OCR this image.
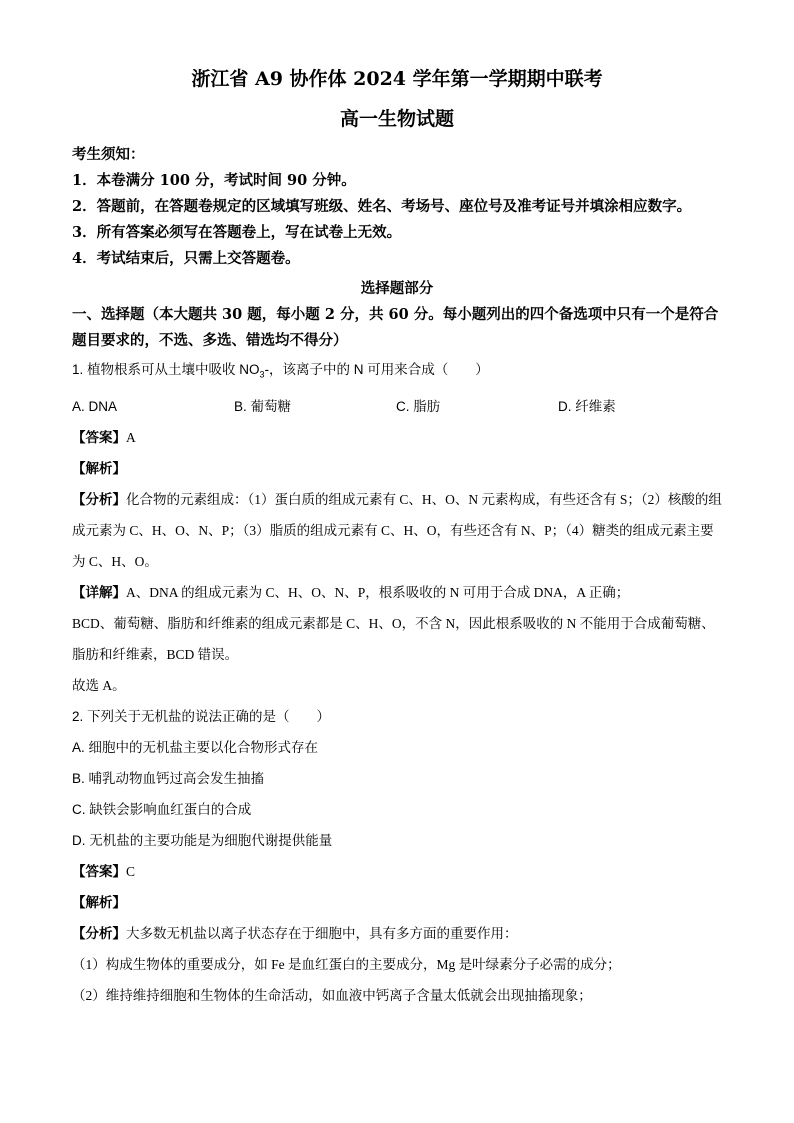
浙江省 A9 协作体 2024 学年第一学期期中联考

高一生物试题

考生须知：

1．本卷满分 100 分，考试时间 90 分钟。

2．答题前，在答题卷规定的区域填写班级、姓名、考场号、座位号及准考证号并填涂相应数字。

3．所有答案必须写在答题卷上，写在试卷上无效。

4．考试结束后，只需上交答题卷。

选择题部分

一、选择题（本大题共 30 题，每小题 2 分，共 60 分。每小题列出的四个备选项中只有一个是符合题目要求的，不选、多选、错选均不得分）

1. 植物根系可从土壤中吸收 $NO_3-$，该离子中的 N 可用来合成（　　）

A. DNA	B. 葡萄糖	C. 脂肪	D. 纤维素

【答案】A

【解析】

【分析】化合物的元素组成：（1）蛋白质的组成元素有 C、H、O、N 元素构成，有些还含有 S；（2）核酸的组成元素为 C、H、O、N、P；（3）脂质的组成元素有 C、H、O，有些还含有 N、P；（4）糖类的组成元素主要为 C、H、O。

【详解】A、DNA 的组成元素为 C、H、O、N、P，根系吸收的 N 可用于合成 DNA，A 正确；

BCD、葡萄糖、脂肪和纤维素的组成元素都是 C、H、O，不含 N，因此根系吸收的 N 不能用于合成葡萄糖、脂肪和纤维素，BCD 错误。

故选 A。

2. 下列关于无机盐的说法正确的是（　　）

A. 细胞中的无机盐主要以化合物形式存在

B. 哺乳动物血钙过高会发生抽搐

C. 缺铁会影响血红蛋白的合成

D. 无机盐的主要功能是为细胞代谢提供能量

【答案】C

【解析】

【分析】大多数无机盐以离子状态存在于细胞中，具有多方面的重要作用：

（1）构成生物体的重要成分，如 Fe 是血红蛋白的主要成分，Mg 是叶绿素分子必需的成分；

（2）维持维持细胞和生物体的生命活动，如血液中钙离子含量太低就会出现抽搐现象；
